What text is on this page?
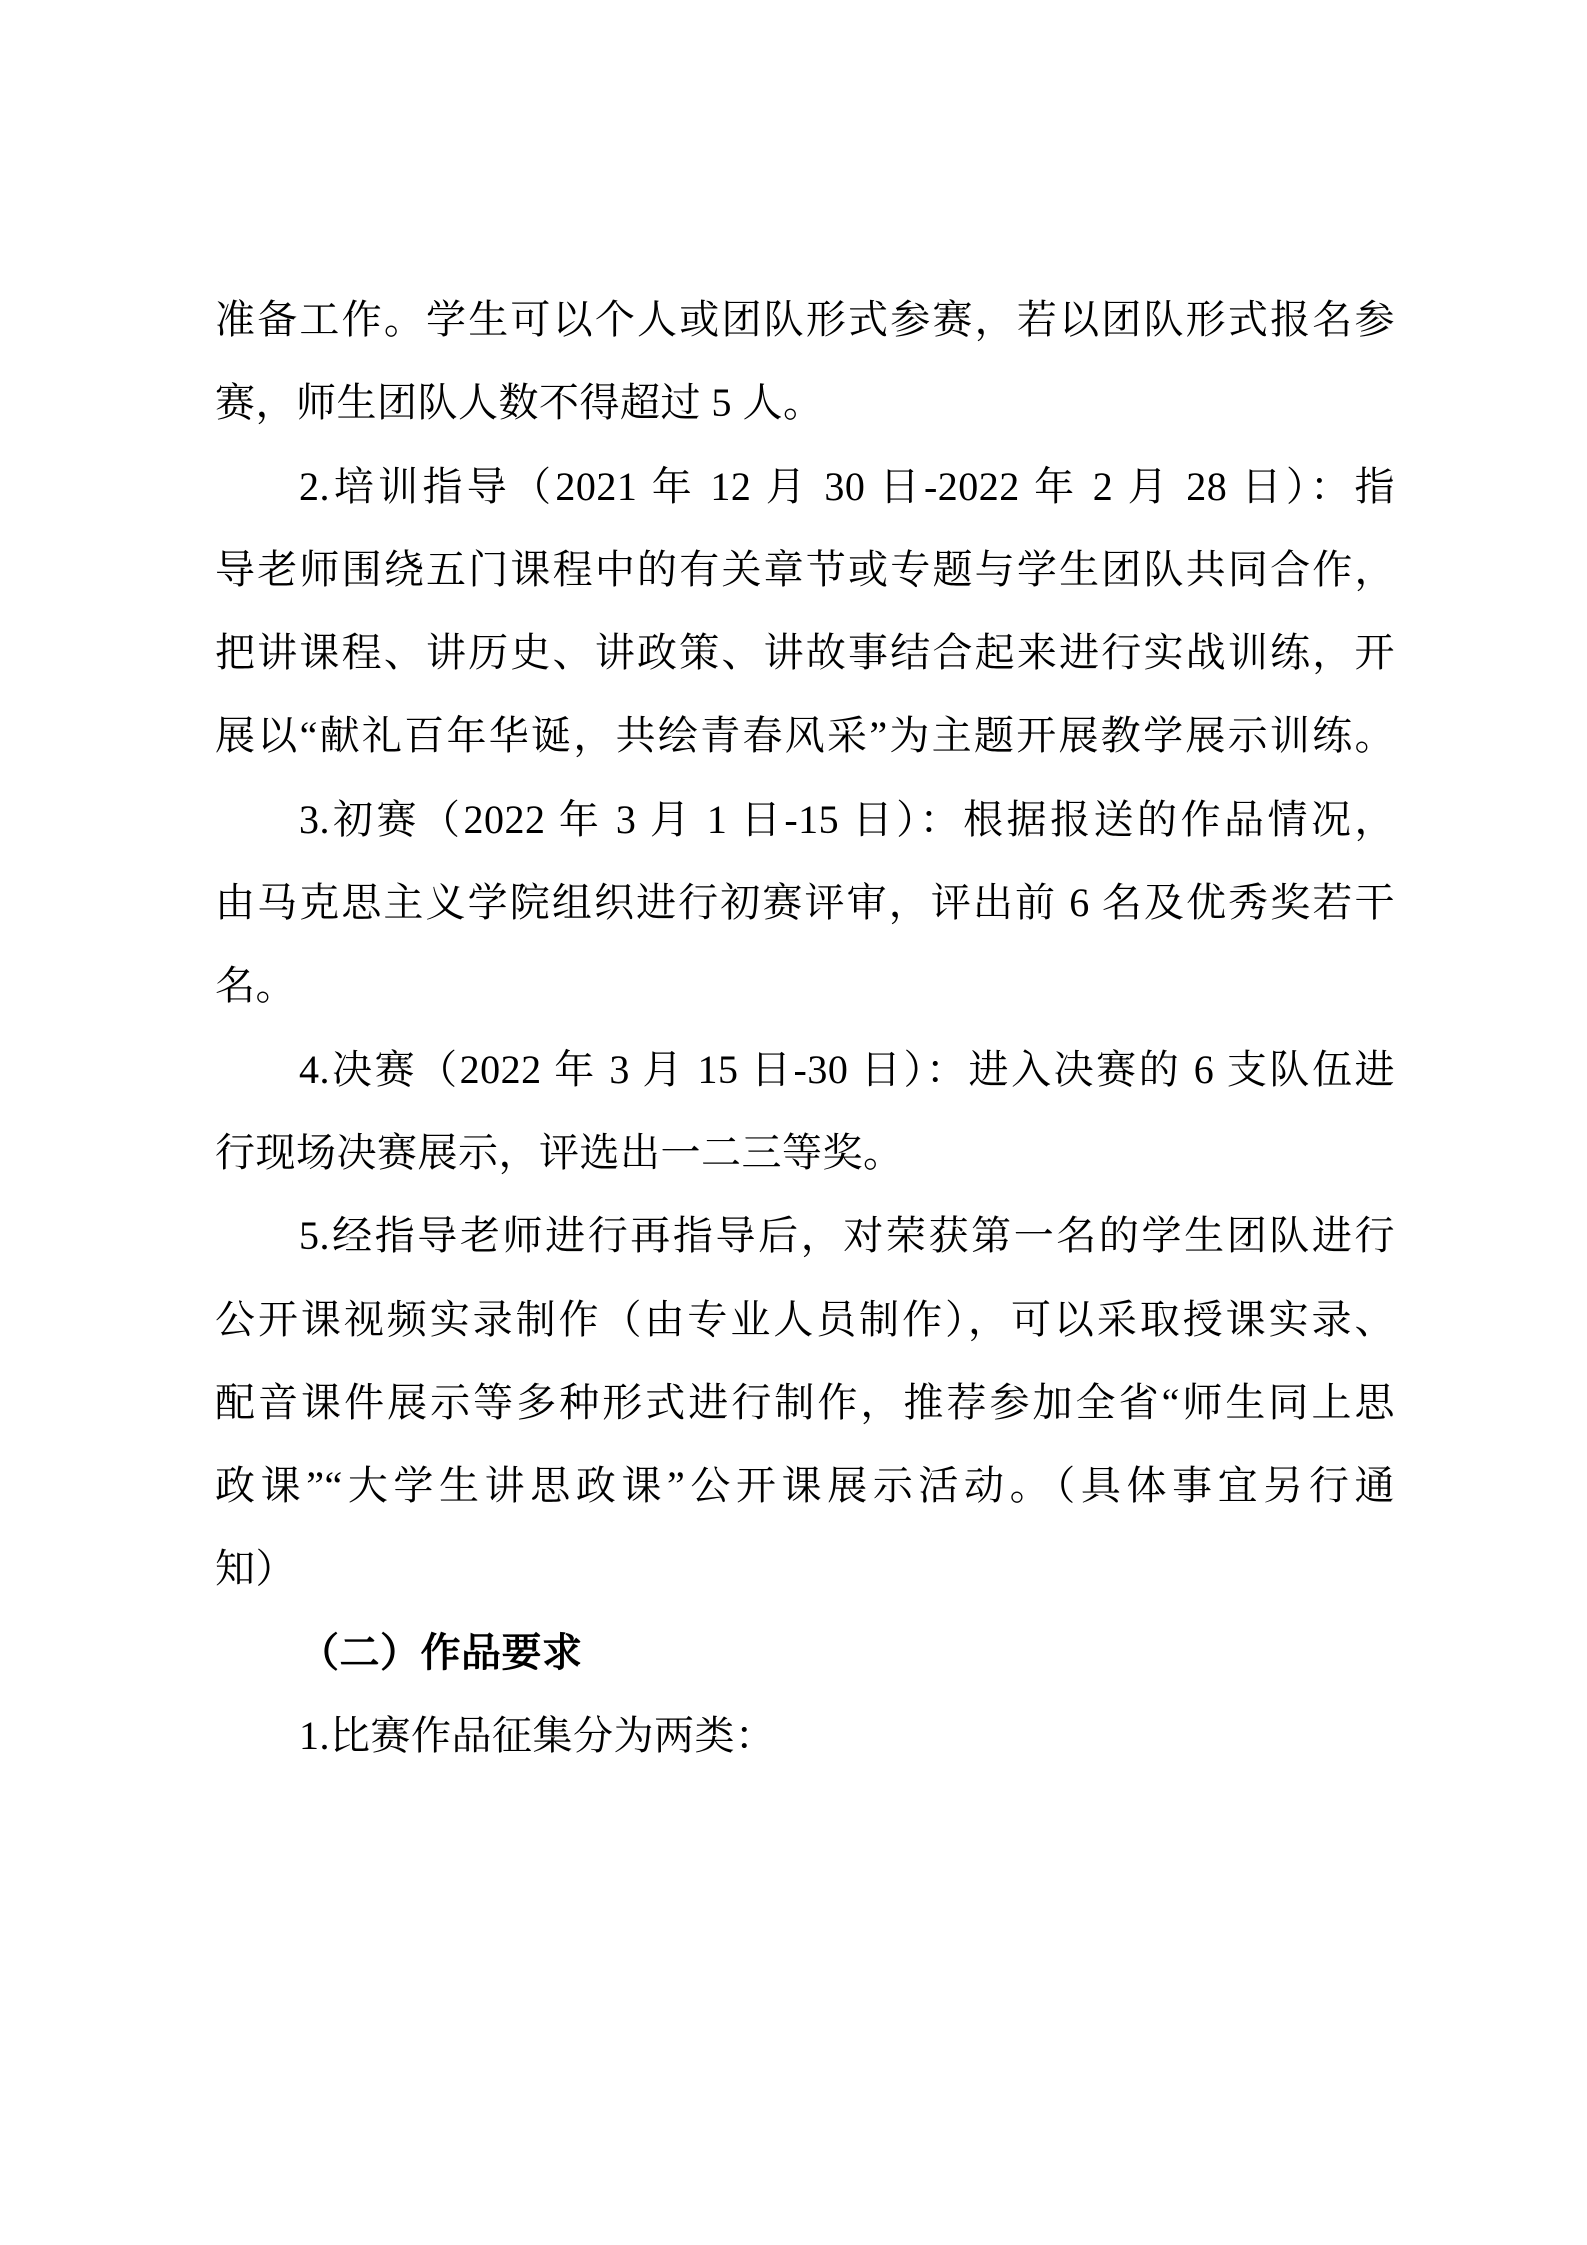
准备工作。学生可以个人或团队形式参赛，若以团队形式报名参
赛，师生团队人数不得超过 5 人。
2.培训指导（2021 年 12 月 30 日-2022 年 2 月 28 日）：指
导老师围绕五门课程中的有关章节或专题与学生团队共同合作，
把讲课程、讲历史、讲政策、讲故事结合起来进行实战训练，开
展以“献礼百年华诞，共绘青春风采”为主题开展教学展示训练。
3.初赛（2022 年 3 月 1 日-15 日）：根据报送的作品情况，
由马克思主义学院组织进行初赛评审，评出前 6 名及优秀奖若干
名。
4.决赛（2022 年 3 月 15 日-30 日）：进入决赛的 6 支队伍进
行现场决赛展示，评选出一二三等奖。
5.经指导老师进行再指导后，对荣获第一名的学生团队进行
公开课视频实录制作（由专业人员制作），可以采取授课实录、
配音课件展示等多种形式进行制作，推荐参加全省“师生同上思
政课”“大学生讲思政课”公开课展示活动。（具体事宜另行通
知）
（二）作品要求
1.比赛作品征集分为两类：
